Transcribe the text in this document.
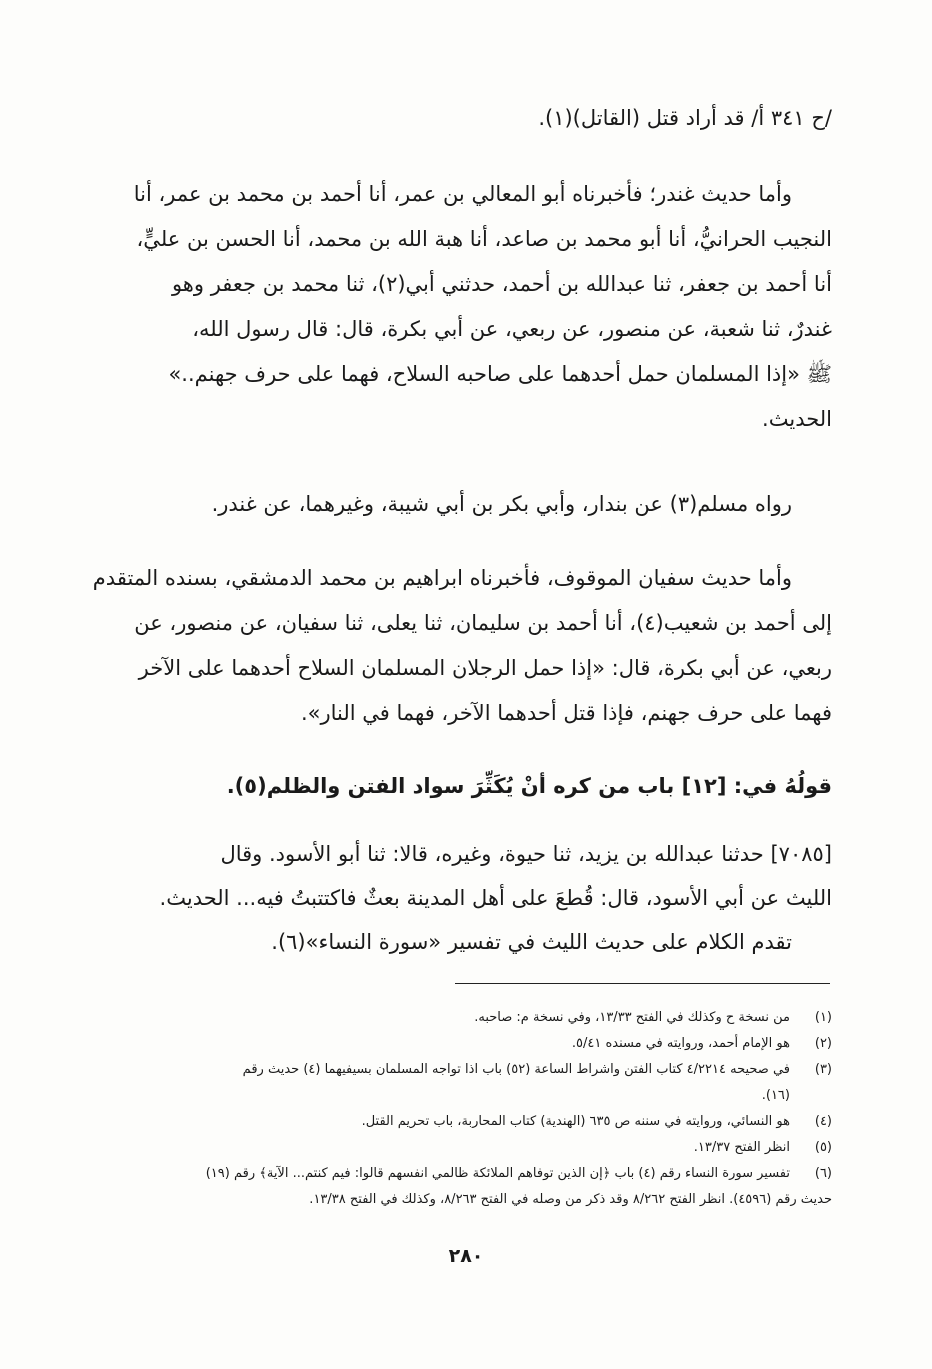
/ح ٣٤١ أ/ قد أراد قتل (القاتل)(١).

وأما حديث غندر؛ فأخبرناه أبو المعالي بن عمر، أنا أحمد بن محمد بن عمر، أنا
النجيب الحرانيُّ، أنا أبو محمد بن صاعد، أنا هبة الله بن محمد، أنا الحسن بن عليٍّ،
أنا أحمد بن جعفر، ثنا عبدالله بن أحمد، حدثني أبي(٢)، ثنا محمد بن جعفر وهو
غندرٌ، ثنا شعبة، عن منصور، عن ربعي، عن أبي بكرة، قال: قال رسول الله،
ﷺ «إذا المسلمان حمل أحدهما على صاحبه السلاح، فهما على حرف جهنم..»
الحديث.

رواه مسلم(٣) عن بندار، وأبي بكر بن أبي شيبة، وغيرهما، عن غندر.

وأما حديث سفيان الموقوف، فأخبرناه ابراهيم بن محمد الدمشقي، بسنده المتقدم
إلى أحمد بن شعيب(٤)، أنا أحمد بن سليمان، ثنا يعلى، ثنا سفيان، عن منصور، عن
ربعي، عن أبي بكرة، قال: «إذا حمل الرجلان المسلمان السلاح أحدهما على الآخر
فهما على حرف جهنم، فإذا قتل أحدهما الآخر، فهما في النار».

قولُهُ في: [١٢] باب من كره أنْ يُكَثِّرَ سواد الفتن والظلم(٥).

[٧٠٨٥] حدثنا عبدالله بن يزيد، ثنا حيوة، وغيره، قالا: ثنا أبو الأسود. وقال
الليث عن أبي الأسود، قال: قُطعَ على أهل المدينة بعثٌ فاكتتبتُ فيه... الحديث.
تقدم الكلام على حديث الليث في تفسير «سورة النساء»(٦).

(١)
من نسخة ح وكذلك في الفتح ١٣/٣٣، وفي نسخة م: صاحبه.
(٢)
هو الإمام أحمد، وروايته في مسنده ٥/٤١.
(٣)
في صحيحه ٤/٢٢١٤ كتاب الفتن واشراط الساعة (٥٢) باب اذا تواجه المسلمان بسيفيهما (٤) حديث رقم
(١٦).
(٤)
هو النسائي، وروايته في سننه ص ٦٣٥ (الهندية) كتاب المحاربة، باب تحريم القتل.
(٥)
انظر الفتح ١٣/٣٧.
(٦)
تفسير سورة النساء رقم (٤) باب ﴿إن الذين توفاهم الملائكة ظالمي انفسهم قالوا: فيم كنتم... الآية﴾ رقم (١٩)
حديث رقم (٤٥٩٦). انظر الفتح ٨/٢٦٢ وقد ذكر من وصله في الفتح ٨/٢٦٣، وكذلك في الفتح ١٣/٣٨.
٢٨٠
